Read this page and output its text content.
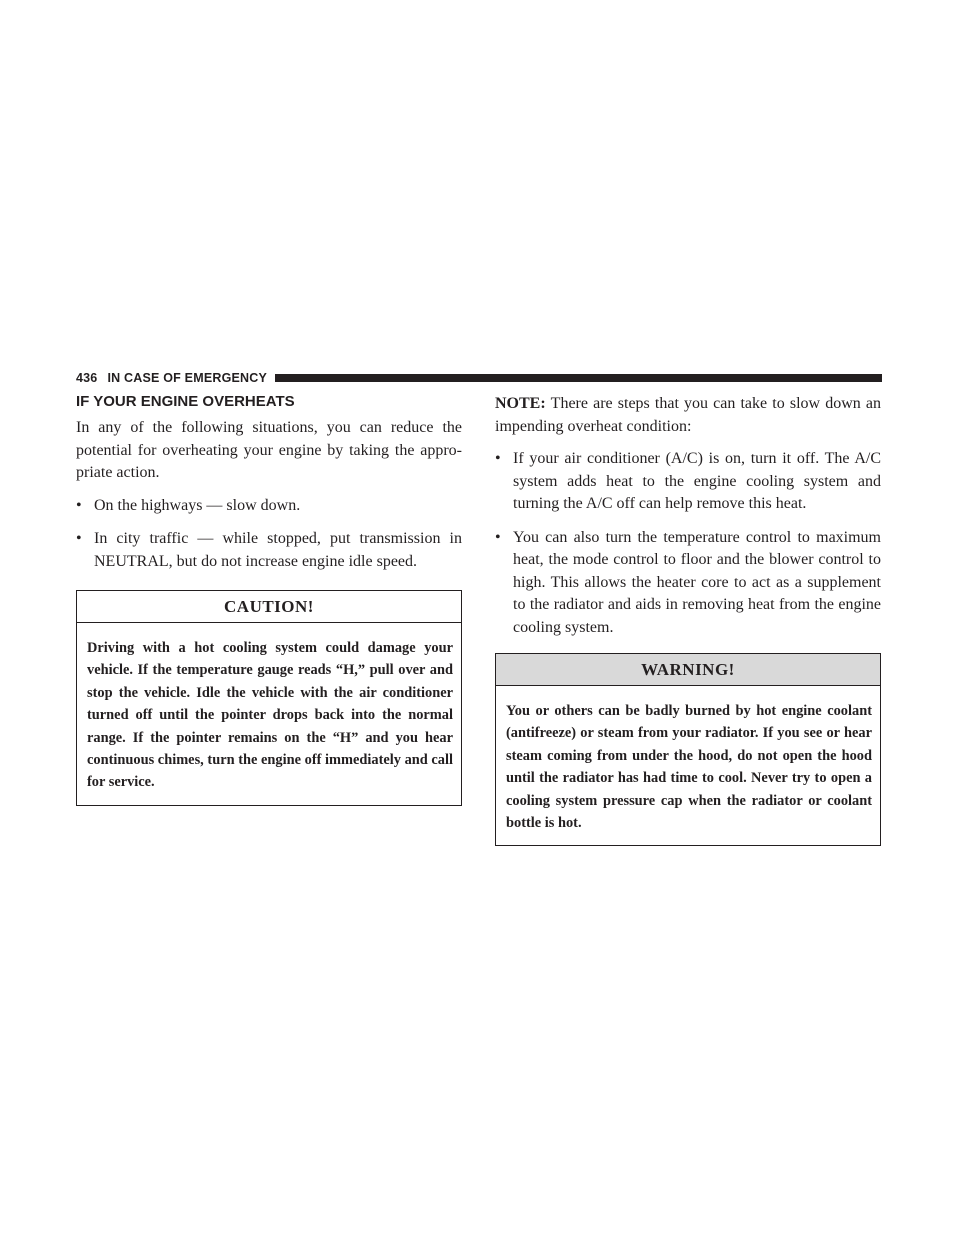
436 IN CASE OF EMERGENCY
IF YOUR ENGINE OVERHEATS

In any of the following situations, you can reduce the potential for overheating your engine by taking the appro-priate action.

• On the highways — slow down.
• In city traffic — while stopped, put transmission in NEUTRAL, but do not increase engine idle speed.
CAUTION!

Driving with a hot cooling system could damage your vehicle. If the temperature gauge reads “H,” pull over and stop the vehicle. Idle the vehicle with the air conditioner turned off until the pointer drops back into the normal range. If the pointer remains on the “H” and you hear continuous chimes, turn the engine off immediately and call for service.

NOTE: There are steps that you can take to slow down an impending overheat condition:

• If your air conditioner (A/C) is on, turn it off. The A/C system adds heat to the engine cooling system and turning the A/C off can help remove this heat.
• You can also turn the temperature control to maximum heat, the mode control to floor and the blower control to high. This allows the heater core to act as a supplement to the radiator and aids in removing heat from the engine cooling system.
WARNING!

You or others can be badly burned by hot engine coolant (antifreeze) or steam from your radiator. If you see or hear steam coming from under the hood, do not open the hood until the radiator has had time to cool. Never try to open a cooling system pressure cap when the radiator or coolant bottle is hot.
